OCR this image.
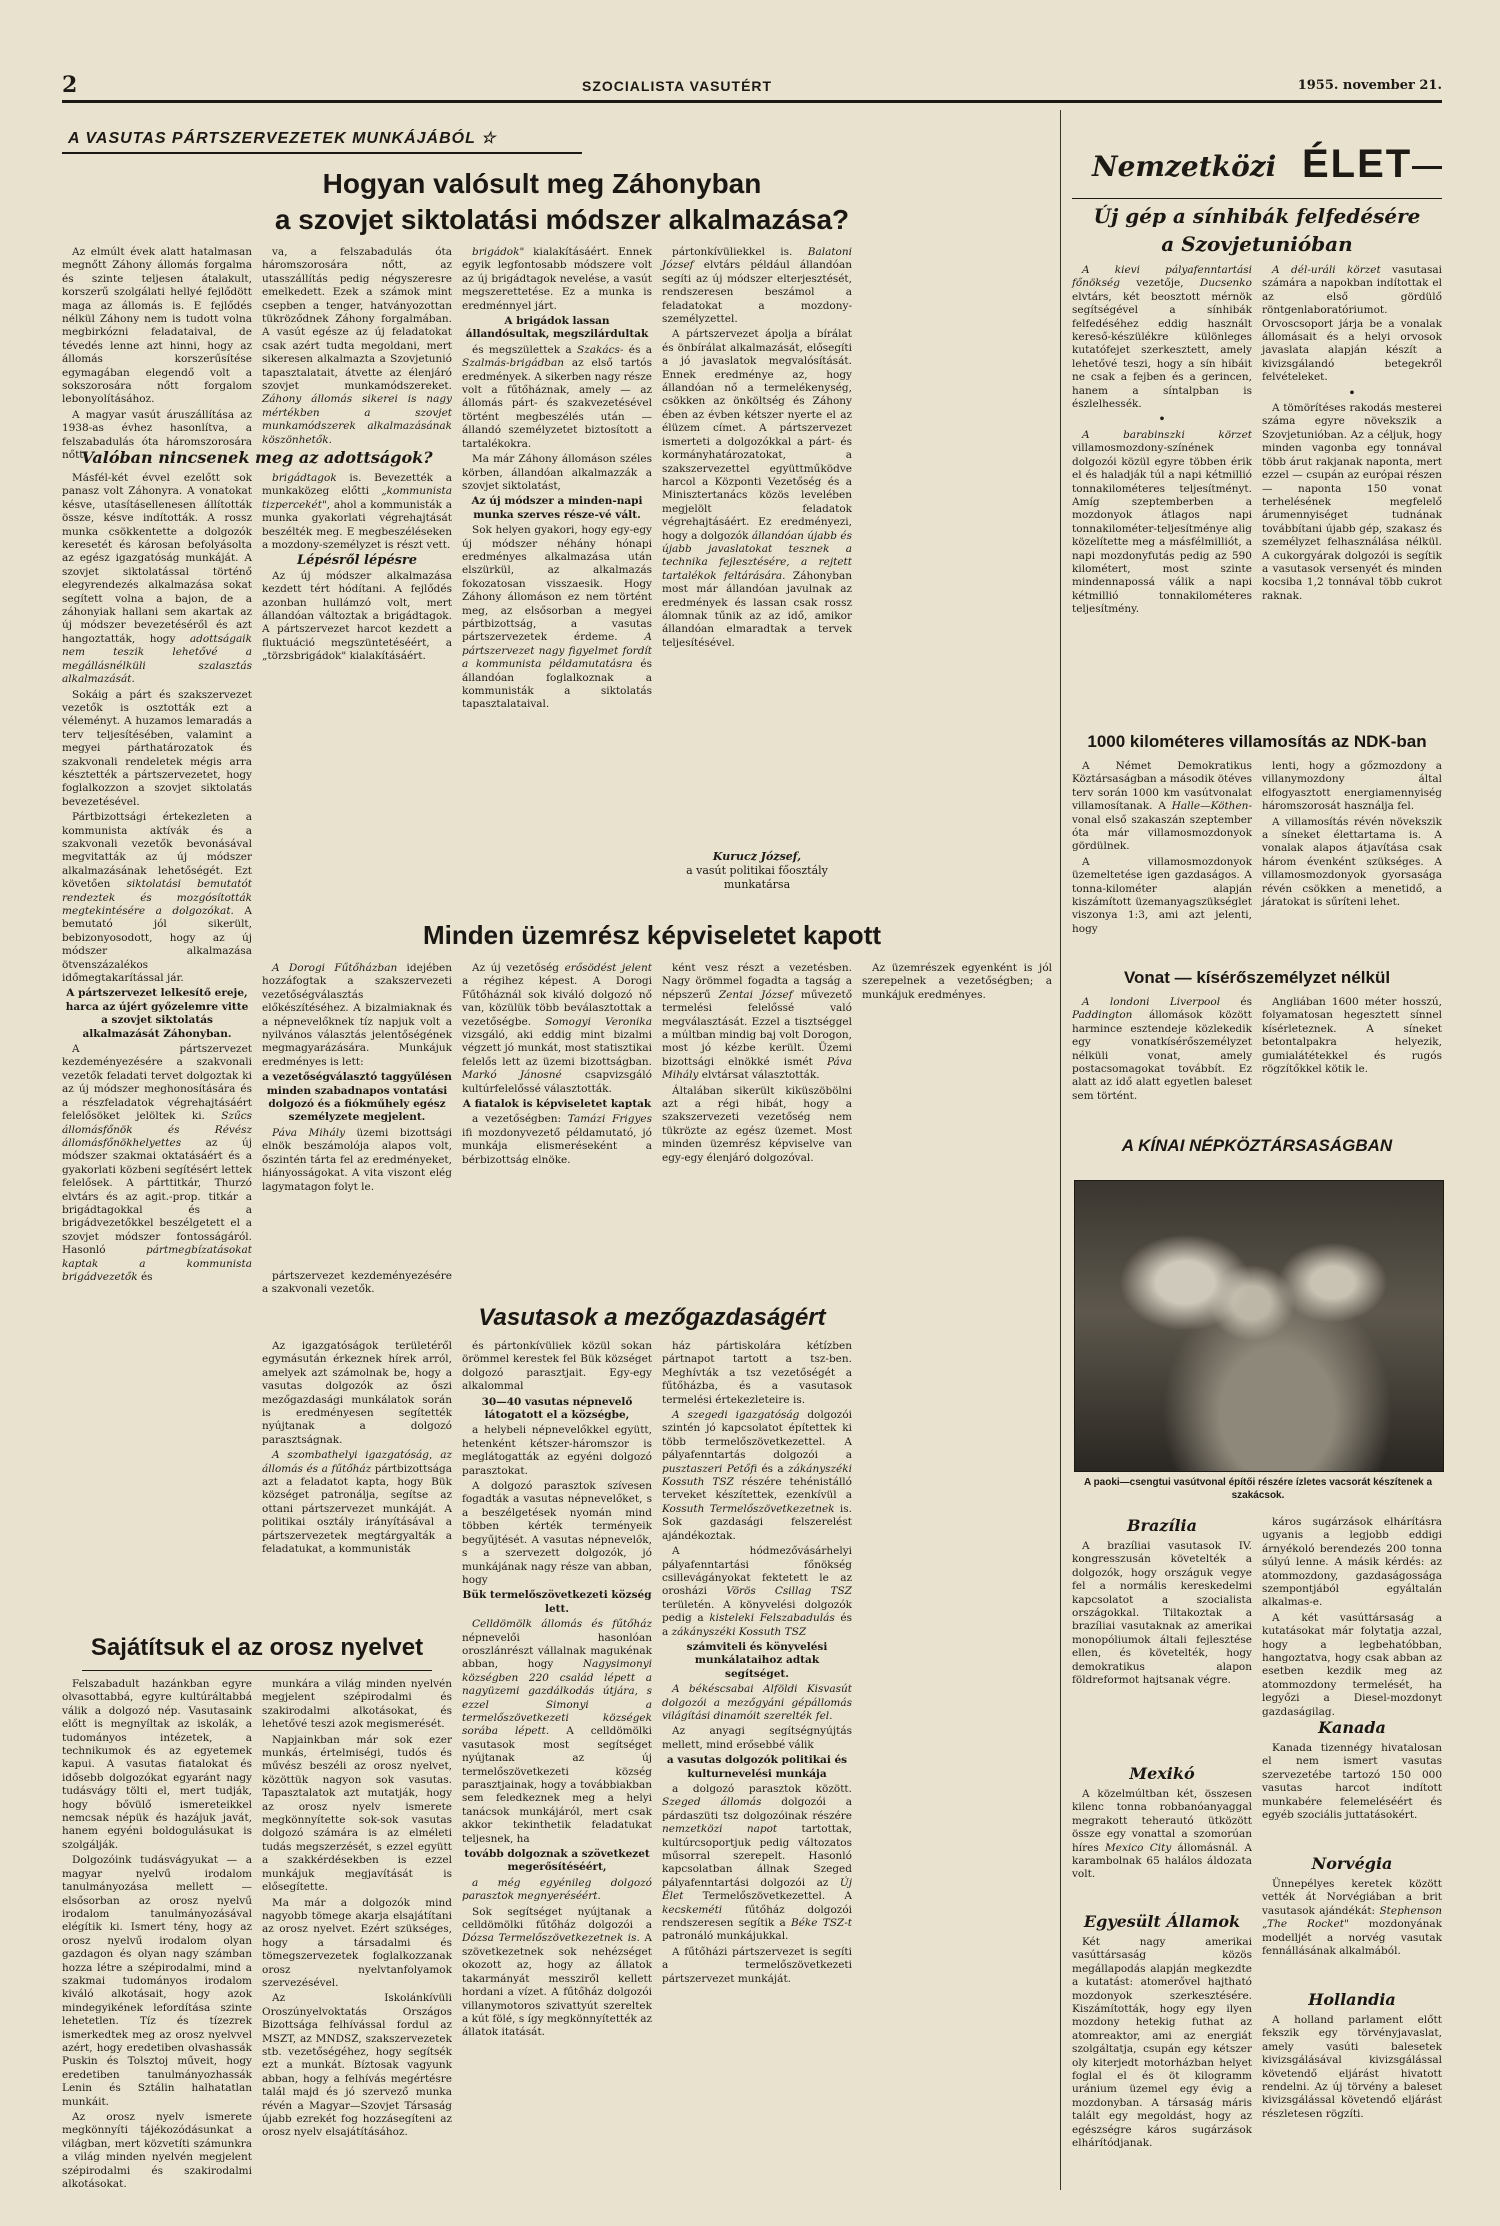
2	SZOCIALISTA VASUTÉRT	1955. november 21.
A VASUTAS PÁRTSZERVEZETEK MUNKÁJÁBÓL ☆
Hogyan valósult meg Záhonyban
a szovjet siktolatási módszer alkalmazása?

Az elmúlt évek alatt hatalmasan megnőtt Záhony állomás forgalma és szinte teljesen átalakult, korszerű szolgálati hellyé fejlődött maga az állomás is. E fejlődés nélkül Záhony nem is tudott volna megbirkózni feladataival, de tévedés lenne azt hinni, hogy az állomás korszerűsítése egymagában elegendő volt a sokszorosára nőtt forgalom lebonyolításához.

A magyar vasút áruszállítása az 1938-as évhez hasonlítva, a felszabadulás óta háromszorosára nőtt.

va, a felszabadulás óta háromszorosára nőtt, az utasszállítás pedig négyszeresre emelkedett. Ezek a számok mint csepben a tenger, hatványozottan tükröződnek Záhony forgalmában. A vasút egésze az új feladatokat csak azért tudta megoldani, mert sikeresen alkalmazta a Szovjetunió tapasztalatait, átvette az élenjáró szovjet munkamódszereket. Záhony állomás sikerei is nagy mértékben a szovjet munkamódszerek alkalmazásának köszönhetők.

brigádok" kialakításáért. Ennek egyik legfontosabb módszere volt az új brigádtagok nevelése, a vasút megszerettetése. Ez a munka is eredménnyel járt.

A brigádok lassan állandósultak, megszilárdultak

és megszülettek a Szakács- és a Szalmás-brigádban az első tartós eredmények. A sikerben nagy része volt a fűtőháznak, amely — az állomás párt- és szakvezetésével történt megbeszélés után — állandó személyzetet biztosított a tartalékokra.

Ma már Záhony állomáson széles körben, állandóan alkalmazzák a szovjet siktolatást,

Az új módszer a minden-napi munka szerves része-vé vált.

Sok helyen gyakori, hogy egy-egy új módszer néhány hónapi eredményes alkalmazása után elszürkül, az alkalmazás fokozatosan visszaesik. Hogy Záhony állomáson ez nem történt meg, az elsősorban a megyei pártbizottság, a vasutas pártszervezetek érdeme. A pártszervezet nagy figyelmet fordít a kommunista példamutatásra és állandóan foglalkoznak a kommunisták a siktolatás tapasztalataival.

pártonkívüliekkel is. Balatoni József elvtárs például állandóan segíti az új módszer elterjesztését, rendszeresen beszámol a feladatokat a mozdony-személyzettel.

A pártszervezet ápolja a bírálat és önbírálat alkalmazását, elősegíti a jó javaslatok megvalósítását. Ennek eredménye az, hogy állandóan nő a termelékenység, csökken az önköltség és Záhony ében az évben kétszer nyerte el az élüzem címet. A pártszervezet ismerteti a dolgozókkal a párt- és kormányhatározatokat, a szakszervezettel együttműködve harcol a Központi Vezetőség és a Minisztertanács közös levelében megjelölt feladatok végrehajtásáért. Ez eredményezi, hogy a dolgozók állandóan újabb és újabb javaslatokat tesznek a technika fejlesztésére, a rejtett tartalékok feltárására. Záhonyban most már állandóan javulnak az eredmények és lassan csak rossz álomnak tűnik az az idő, amikor állandóan elmaradtak a tervek teljesítésével.

Kurucz József,
a vasút politikai főosztály munkatársa
Valóban nincsenek meg az adottságok?

Másfél-két évvel ezelőtt sok panasz volt Záhonyra. A vonatokat késve, utasításellenesen állították össze, késve indították. A rossz munka csökkentette a dolgozók keresetét és károsan befolyásolta az egész igazgatóság munkáját. A szovjet siktolatással történő elegyrendezés alkalmazása sokat segített volna a bajon, de a záhonyiak hallani sem akartak az új módszer bevezetéséről és azt hangoztatták, hogy adottságaik nem teszik lehetővé a megállásnélküli szalasztás alkalmazását.

Sokáig a párt és szakszervezet vezetők is osztották ezt a véleményt. A huzamos lemaradás a terv teljesítésében, valamint a megyei párthatározatok és szakvonali rendeletek mégis arra késztették a pártszervezetet, hogy foglalkozzon a szovjet siktolatás bevezetésével.

Pártbizottsági értekezleten a kommunista aktívák és a szakvonali vezetők bevonásával megvitatták az új módszer alkalmazásának lehetőségét. Ezt követően siktolatási bemutatót rendeztek és mozgósították megtekintésére a dolgozókat. A bemutató jól sikerült, bebizonyosodott, hogy az új módszer alkalmazása ötvenszázalékos időmegtakarítással jár.

A pártszervezet lelkesítő ereje, harca az újért győzelemre vitte a szovjet siktolatás alkalmazását Záhonyban.

A pártszervezet kezdeményezésére a szakvonali vezetők feladati tervet dolgoztak ki az új módszer meghonosítására és a részfeladatok végrehajtásáért felelősöket jelöltek ki. Szűcs állomásfőnök és Révész állomásfőnökhelyettes az új módszer szakmai oktatásáért és a gyakorlati közbeni segítésért lettek felelősek. A párttitkár, Thurzó elvtárs és az agit.-prop. titkár a brigádtagokkal és a brigádvezetőkkel beszélgetett el a szovjet módszer fontosságáról. Hasonló pártmegbízatásokat kaptak a kommunista brigádvezetők és

brigádtagok is. Bevezették a munkaközeg előtti „kommunista tizpercekét", ahol a kommunisták a munka gyakorlati végrehajtását beszélték meg. E megbeszéléseken a mozdony-személyzet is részt vett.

Lépésről lépésre

Az új módszer alkalmazása kezdett tért hódítani. A fejlődés azonban hullámzó volt, mert állandóan változtak a brigádtagok. A pártszervezet harcot kezdett a fluktuáció megszüntetéséért, a „törzsbrigádok" kialakításáért.

pártszervezet kezdeményezésére a szakvonali vezetők.

Minden üzemrész képviseletet kapott

A Dorogi Fűtőházban idejében hozzáfogtak a szakszervezeti vezetőségválasztás előkészítéséhez. A bizalmiaknak és a népnevelőknek tíz napjuk volt a nyilvános választás jelentőségének megmagyarázására. Munkájuk eredményes is lett:

a vezetőségválasztó taggyűlésen minden szabadnapos vontatási dolgozó és a fiókműhely egész személyzete megjelent.

Páva Mihály üzemi bizottsági elnök beszámolója alapos volt, őszintén tárta fel az eredményeket, hiányosságokat. A vita viszont elég lagymatagon folyt le.

Az új vezetőség erősödést jelent a régihez képest. A Dorogi Fűtőháznál sok kiváló dolgozó nő van, közülük több beválasztottak a vezetőségbe. Somogyi Veronika vizsgáló, aki eddig mint bizalmi végzett jó munkát, most statisztikai felelős lett az üzemi bizottságban. Markó Jánosné csapvizsgáló kultúrfelelőssé választották.

A fiatalok is képviseletet kaptak

a vezetőségben: Tamázi Frigyes ifi mozdonyvezető példamutató, jó munkája elismeréseként a bérbizottság elnöke.

ként vesz részt a vezetésben. Nagy örömmel fogadta a tagság a népszerű Zentai József művezető termelési felelőssé való megválasztását. Ezzel a tisztséggel a múltban mindig baj volt Dorogon, most jó kézbe került. Üzemi bizottsági elnökké ismét Páva Mihály elvtársat választották.

Általában sikerült kiküszöbölni azt a régi hibát, hogy a szakszervezeti vezetőség nem tükrözte az egész üzemet. Most minden üzemrész képviselve van egy-egy élenjáró dolgozóval.

Az üzemrészek egyenként is jól szerepelnek a vezetőségben; a munkájuk eredményes.

Vasutasok a mezőgazdaságért

Az igazgatóságok területéről egymásután érkeznek hírek arról, amelyek azt számolnak be, hogy a vasutas dolgozók az őszi mezőgazdasági munkálatok során is eredményesen segítették nyújtanak a dolgozó parasztságnak.

A szombathelyi igazgatóság, az állomás és a fűtőház pártbizottsága azt a feladatot kapta, hogy Bük községet patronálja, segítse az ottani pártszervezet munkáját. A politikai osztály irányításával a pártszervezetek megtárgyalták a feladatukat, a kommunisták

és pártonkívüliek közül sokan örömmel kerestek fel Bük községet dolgozó parasztjait. Egy-egy alkalommal

30—40 vasutas népnevelő látogatott el a községbe,

a helybeli népnevelőkkel együtt, hetenként kétszer-háromszor is meglátogatták az egyéni dolgozó parasztokat.

A dolgozó parasztok szívesen fogadták a vasutas népnevelőket, s a beszélgetések nyomán mind többen kérték terményeik begyűjtését. A vasutas népnevelők, s a szervezett dolgozók, jó munkájának nagy része van abban, hogy

Bük termelőszövetkezeti község lett.

Celldömölk állomás és fűtőház népnevelői hasonlóan oroszlánrészt vállalnak magukénak abban, hogy Nagysimonyi községben 220 család lépett a nagyüzemi gazdálkodás útjára, s ezzel Simonyi a termelőszövetkezeti községek sorába lépett. A celldömölki vasutasok most segítséget nyújtanak az új termelőszövetkezeti község parasztjainak, hogy a továbbiakban sem feledkeznek meg a helyi tanácsok munkájáról, mert csak akkor tekinthetik feladatukat teljesnek, ha

tovább dolgoznak a szövetkezet megerősítéséért,

a még egyénileg dolgozó parasztok megnyeréséért.

Sok segítséget nyújtanak a celldömölki fűtőház dolgozói a Dózsa Termelőszövetkezetnek is. A szövetkezetnek sok nehézséget okozott az, hogy az állatok takarmányát messziről kellett hordani a vízet. A fűtőház dolgozói villanymotoros szivattyút szereltek a kút fölé, s így megkönnyítették az állatok itatását.

ház pártiskolára kétízben pártnapot tartott a tsz-ben. Meghívták a tsz vezetőségét a fűtőházba, és a vasutasok termelési értekezleteire is.

A szegedi igazgatóság dolgozói szintén jó kapcsolatot építettek ki több termelőszövetkezettel. A pályafenntartás dolgozói a pusztaszeri Petőfi és a zákányszéki Kossuth TSZ részére tehénistálló terveket készítettek, ezenkívül a Kossuth Termelőszövetkezetnek is. Sok gazdasági felszerelést ajándékoztak.

A hódmezővásárhelyi pályafenntartási főnökség csillevágányokat fektetett le az orosházi Vörös Csillag TSZ területén. A könyvelési dolgozók pedig a kisteleki Felszabadulás és a zákányszéki Kossuth TSZ

számviteli és könyvelési munkálataihoz adtak segítséget.

A békéscsabai Alföldi Kisvasút dolgozói a mezőgyáni gépállomás világítási dinamóit szerelték fel.

Az anyagi segítségnyújtás mellett, mind erősebbé válik

a vasutas dolgozók politikai és kulturnevelési munkája

a dolgozó parasztok között. Szeged állomás dolgozói a párdaszüti tsz dolgozóinak részére nemzetközi napot tartottak, kultúrcsoportjuk pedig változatos műsorral szerepelt. Hasonló kapcsolatban állnak Szeged pályafenntartási dolgozói az Új Élet Termelőszövetkezettel. A kecskeméti fűtőház dolgozói rendszeresen segítik a Béke TSZ-t patronáló munkájukkal.

A fűtőházi pártszervezet is segíti a termelőszövetkezeti pártszervezet munkáját.

Sajátítsuk el az orosz nyelvet

Felszabadult hazánkban egyre olvasottabbá, egyre kultúráltabbá válik a dolgozó nép. Vasutasaink előtt is megnyíltak az iskolák, a tudományos intézetek, a technikumok és az egyetemek kapui. A vasutas fiatalokat és idősebb dolgozókat egyaránt nagy tudásvágy tölti el, mert tudják, hogy bővülő ismereteikkel nemcsak népük és hazájuk javát, hanem egyéni boldogulásukat is szolgálják.

Dolgozóink tudásvágyukat — a magyar nyelvű irodalom tanulmányozása mellett — elsősorban az orosz nyelvű irodalom tanulmányozásával elégítik ki. Ismert tény, hogy az orosz nyelvű irodalom olyan gazdagon és olyan nagy számban hozza létre a szépirodalmi, mind a szakmai tudományos irodalom kiváló alkotásait, hogy azok mindegyikének lefordítása szinte lehetetlen. Tíz és tízezrek ismerkedtek meg az orosz nyelvvel azért, hogy eredetiben olvashassák Puskin és Tolsztoj műveit, hogy eredetiben tanulmányozhassák Lenin és Sztálin halhatatlan munkáit.

Az orosz nyelv ismerete megkönnyíti tájékozódásunkat a világban, mert közvetíti számunkra a világ minden nyelvén megjelent szépirodalmi és szakirodalmi alkotásokat.

munkára a világ minden nyelvén megjelent szépirodalmi és szakirodalmi alkotásokat, és lehetővé teszi azok megismerését.

Napjainkban már sok ezer munkás, értelmiségi, tudós és művész beszéli az orosz nyelvet, közöttük nagyon sok vasutas. Tapasztalatok azt mutatják, hogy az orosz nyelv ismerete megkönnyítette sok-sok vasutas dolgozó számára is az elméleti tudás megszerzését, s ezzel együtt a szakkérdésekben is ezzel munkájuk megjavítását is elősegítette.

Ma már a dolgozók mind nagyobb tömege akarja elsajátítani az orosz nyelvet. Ezért szükséges, hogy a társadalmi és tömegszervezetek foglalkozzanak orosz nyelvtanfolyamok szervezésével.

Az Iskolánkívüli Oroszúnyelvoktatás Országos Bizottsága felhívással fordul az MSZT, az MNDSZ, szakszervezetek stb. vezetőségéhez, hogy segítsék ezt a munkát. Bíztosak vagyunk abban, hogy a felhívás megértésre talál majd és jó szervező munka révén a Magyar—Szovjet Társaság újabb ezrekét fog hozzásegíteni az orosz nyelv elsajátításához.

Nemzetközi ÉLET
Új gép a sínhibák felfedésére
a Szovjetunióban

A kievi pályafenntartási főnökség vezetője, Ducsenko elvtárs, két beosztott mérnök segítségével a sínhibák felfedéséhez eddig használt kereső-készülékre különleges kutatófejet szerkesztett, amely lehetővé teszi, hogy a sín hibáit ne csak a fejben és a gerincen, hanem a síntalpban is észlelhessék.

•

A barabinszki körzet villamosmozdony-színének dolgozói közül egyre többen érik el és haladják túl a napi kétmillió tonnakilométeres teljesítményt. Amíg szeptemberben a mozdonyok átlagos napi tonnakilométer-teljesítménye alig közelítette meg a másfélmilliót, a napi mozdonyfutás pedig az 590 kilométert, most szinte mindennapossá válik a napi kétmillió tonnakilométeres teljesítmény.

A dél-uráli körzet vasutasai számára a napokban indítottak el az első gördülő röntgenlaboratóriumot. Orvoscsoport járja be a vonalak állomásait és a helyi orvosok javaslata alapján készít a kivizsgálandó betegekről felvételeket.

•

A tömörítéses rakodás mesterei száma egyre növekszik a Szovjetunióban. Az a céljuk, hogy minden vagonba egy tonnával több árut rakjanak naponta, mert ezzel — csupán az európai részen — naponta 150 vonat terhelésének megfelelő árumennyiséget tudnának továbbítani újabb gép, szakasz és személyzet felhasználása nélkül. A cukorgyárak dolgozói is segítik a vasutasok versenyét és minden kocsiba 1,2 tonnával több cukrot raknak.

1000 kilométeres villamosítás az NDK-ban

A Német Demokratikus Köztársaságban a második ötéves terv során 1000 km vasútvonalat villamosítanak. A Halle—Köthen-vonal első szakaszán szeptember óta már villamosmozdonyok gördülnek.

A villamosmozdonyok üzemeltetése igen gazdaságos. A tonna-kilométer alapján kiszámított üzemanyagszükséglet viszonya 1:3, ami azt jelenti, hogy

lenti, hogy a gőzmozdony a villanymozdony által elfogyasztott energiamennyiség háromszorosát használja fel.

A villamosítás révén növekszik a síneket élettartama is. A vonalak alapos átjavítása csak három évenként szükséges. A villamosmozdonyok gyorsasága révén csökken a menetidő, a járatokat is sűríteni lehet.

Vonat — kísérőszemélyzet nélkül

A londoni Liverpool és Paddington állomások között harmince esztendeje közlekedik egy vonatkísérőszemélyzet nélküli vonat, amely postacsomagokat továbbít. Ez alatt az idő alatt egyetlen baleset sem történt.

Angliában 1600 méter hosszú, folyamatosan hegesztett sínnel kísérleteznek. A síneket betontalpakra helyezik, gumialátétekkel és rugós rögzítőkkel kötik le.

A KÍNAI NÉPKÖZTÁRSASÁGBAN
A paoki—csengtui vasútvonal építői részére ízletes vacsorát készítenek a szakácsok.
Brazília

A brazíliai vasutasok IV. kongresszusán követelték a dolgozók, hogy országuk vegye fel a normális kereskedelmi kapcsolatot a szocialista országokkal. Tiltakoztak a brazíliai vasutaknak az amerikai monopóliumok általi fejlesztése ellen, és követelték, hogy demokratikus alapon földreformot hajtsanak végre.

Mexikó

A közelmúltban két, összesen kilenc tonna robbanóanyaggal megrakott teherautó ütközött össze egy vonattal a szomorúan híres Mexico City állomásnál. A karambolnak 65 halálos áldozata volt.

Egyesült Államok

Két nagy amerikai vasúttársaság közös megállapodás alapján megkezdte a kutatást: atomerővel hajtható mozdonyok szerkesztésére. Kiszámították, hogy egy ilyen mozdony hetekig futhat az atomreaktor, ami az energiát szolgáltatja, csupán egy kétszer oly kiterjedt motorházban helyet foglal el és öt kilogramm uránium üzemel egy évig a mozdonyban. A társaság máris talált egy megoldást, hogy az egészségre káros sugárzások elhárítódjanak.

káros sugárzások elhárításra ugyanis a legjobb eddigi árnyékoló berendezés 200 tonna súlyú lenne. A másik kérdés: az atommozdony, gazdaságossága szempontjából egyáltalán alkalmas-e.

A két vasúttársaság a kutatásokat már folytatja azzal, hogy a legbehatóbban, hangoztatva, hogy csak abban az esetben kezdik meg az atommozdony termelését, ha legyőzi a Diesel-mozdonyt gazdaságilag.

Kanada

Kanada tizennégy hivatalosan el nem ismert vasutas szervezetébe tartozó 150 000 vasutas harcot indított munkabére felemeléséért és egyéb szociális juttatásokért.

Norvégia

Ünnepélyes keretek között vették át Norvégiában a brit vasutasok ajándékát: Stephenson „The Rocket" mozdonyának modelljét a norvég vasutak fennállásának alkalmából.

Hollandia

A holland parlament előtt fekszik egy törvényjavaslat, amely vasúti balesetek kivizsgálásával kivizsgálással követendő eljárást hivatott rendelni. Az új törvény a baleset kivizsgálással követendő eljárást részletesen rögzíti.
